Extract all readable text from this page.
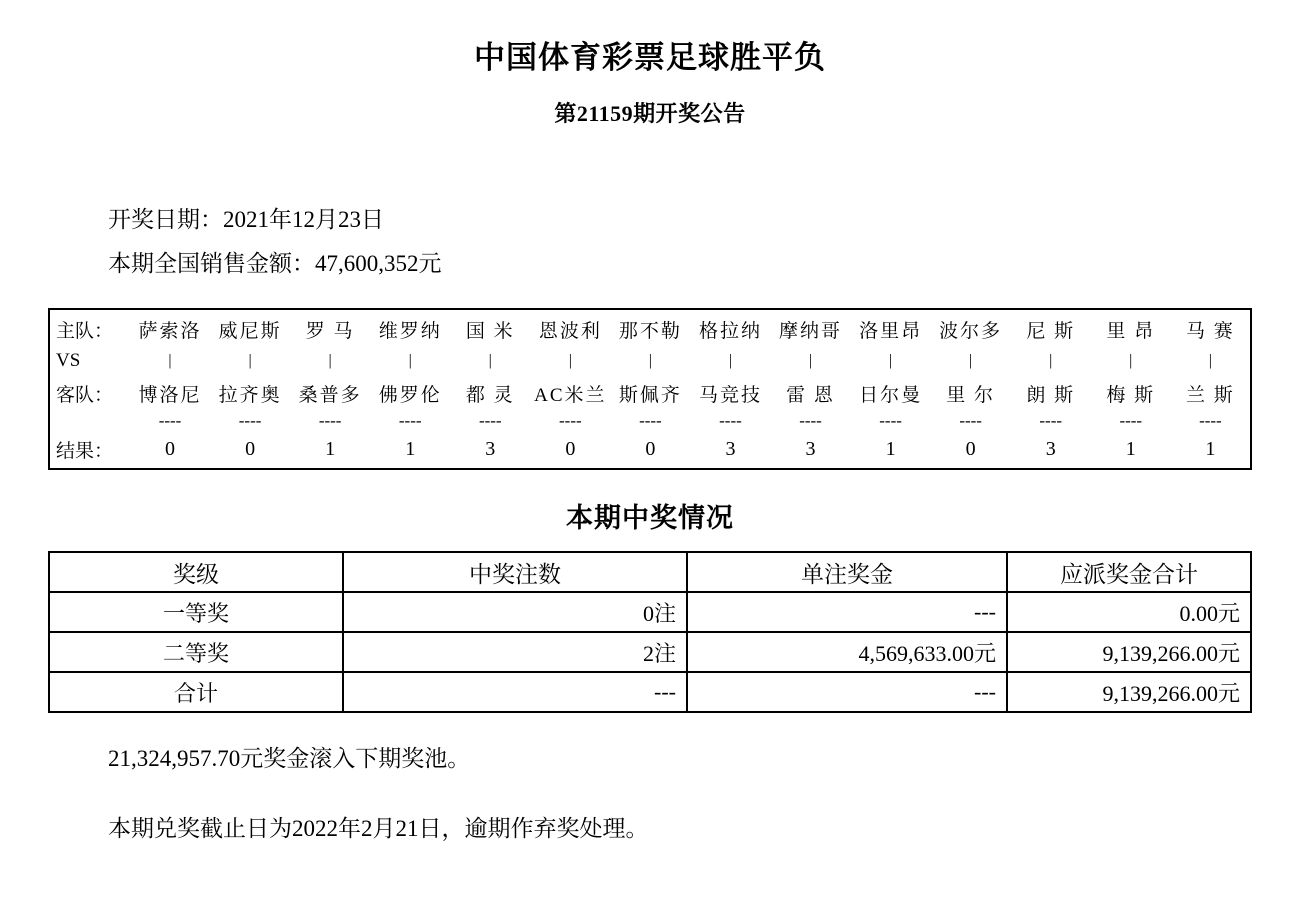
中国体育彩票足球胜平负
第21159期开奖公告
开奖日期：2021年12月23日
本期全国销售金额：47,600,352元
主队：	萨索洛	威尼斯	罗 马	维罗纳	国 米	恩波利	那不勒	格拉纳	摩纳哥	洛里昂	波尔多	尼 斯	里 昂	马 赛
VS	|	|	|	|	|	|	|	|	|	|	|	|	|	|
客队：	博洛尼	拉齐奥	桑普多	佛罗伦	都 灵	AC米兰	斯佩齐	马竞技	雷 恩	日尔曼	里 尔	朗 斯	梅 斯	兰 斯
	----	----	----	----	----	----	----	----	----	----	----	----	----	----
结果：	0	0	1	1	3	0	0	3	3	1	0	3	1	1
本期中奖情况
奖级	中奖注数	单注奖金	应派奖金合计
一等奖	0注	---	0.00元
二等奖	2注	4,569,633.00元	9,139,266.00元
合计	---	---	9,139,266.00元
21,324,957.70元奖金滚入下期奖池。
本期兑奖截止日为2022年2月21日，逾期作弃奖处理。
